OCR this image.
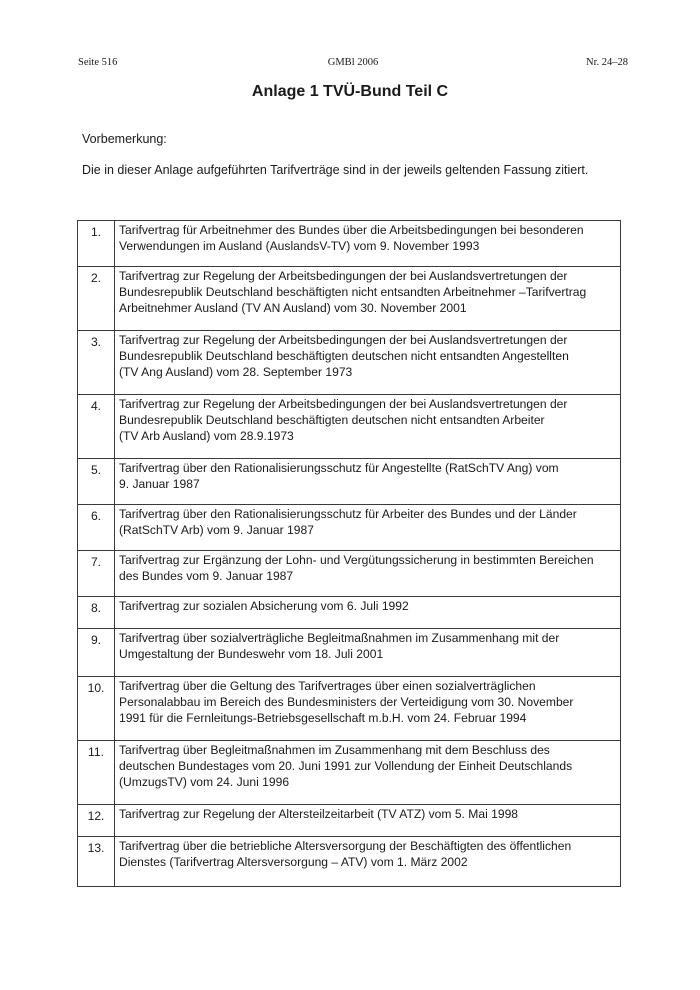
Seite 516	GMBl 2006	Nr. 24–28
Anlage 1 TVÜ-Bund Teil C
Vorbemerkung:
Die in dieser Anlage aufgeführten Tarifverträge sind in der jeweils geltenden Fassung zitiert.
1.	Tarifvertrag für Arbeitnehmer des Bundes über die Arbeitsbedingungen bei besonderen
Verwendungen im Ausland (AuslandsV-TV) vom 9. November 1993

2.	Tarifvertrag zur Regelung der Arbeitsbedingungen der bei Auslandsvertretungen der
Bundesrepublik Deutschland beschäftigten nicht entsandten Arbeitnehmer –Tarifvertrag
Arbeitnehmer Ausland (TV AN Ausland) vom 30. November 2001

3.	Tarifvertrag zur Regelung der Arbeitsbedingungen der bei Auslandsvertretungen der
Bundesrepublik Deutschland beschäftigten deutschen nicht entsandten Angestellten
(TV Ang Ausland) vom 28. September 1973

4.	Tarifvertrag zur Regelung der Arbeitsbedingungen der bei Auslandsvertretungen der
Bundesrepublik Deutschland beschäftigten deutschen nicht entsandten Arbeiter
(TV Arb Ausland) vom 28.9.1973

5.	Tarifvertrag über den Rationalisierungsschutz für Angestellte (RatSchTV Ang) vom
9. Januar 1987

6.	Tarifvertrag über den Rationalisierungsschutz für Arbeiter des Bundes und der Länder
(RatSchTV Arb) vom 9. Januar 1987

7.	Tarifvertrag zur Ergänzung der Lohn- und Vergütungssicherung in bestimmten Bereichen
des Bundes vom 9. Januar 1987

8.	Tarifvertrag zur sozialen Absicherung vom 6. Juli 1992

9.	Tarifvertrag über sozialverträgliche Begleitmaßnahmen im Zusammenhang mit der
Umgestaltung der Bundeswehr vom 18. Juli 2001

10.	Tarifvertrag über die Geltung des Tarifvertrages über einen sozialverträglichen
Personalabbau im Bereich des Bundesministers der Verteidigung vom 30. November
1991 für die Fernleitungs-Betriebsgesellschaft m.b.H. vom 24. Februar 1994

11.	Tarifvertrag über Begleitmaßnahmen im Zusammenhang mit dem Beschluss des
deutschen Bundestages vom 20. Juni 1991 zur Vollendung der Einheit Deutschlands
(UmzugsTV) vom 24. Juni 1996

12.	Tarifvertrag zur Regelung der Altersteilzeitarbeit (TV ATZ) vom 5. Mai 1998

13.	Tarifvertrag über die betriebliche Altersversorgung der Beschäftigten des öffentlichen
Dienstes (Tarifvertrag Altersversorgung – ATV) vom 1. März 2002
